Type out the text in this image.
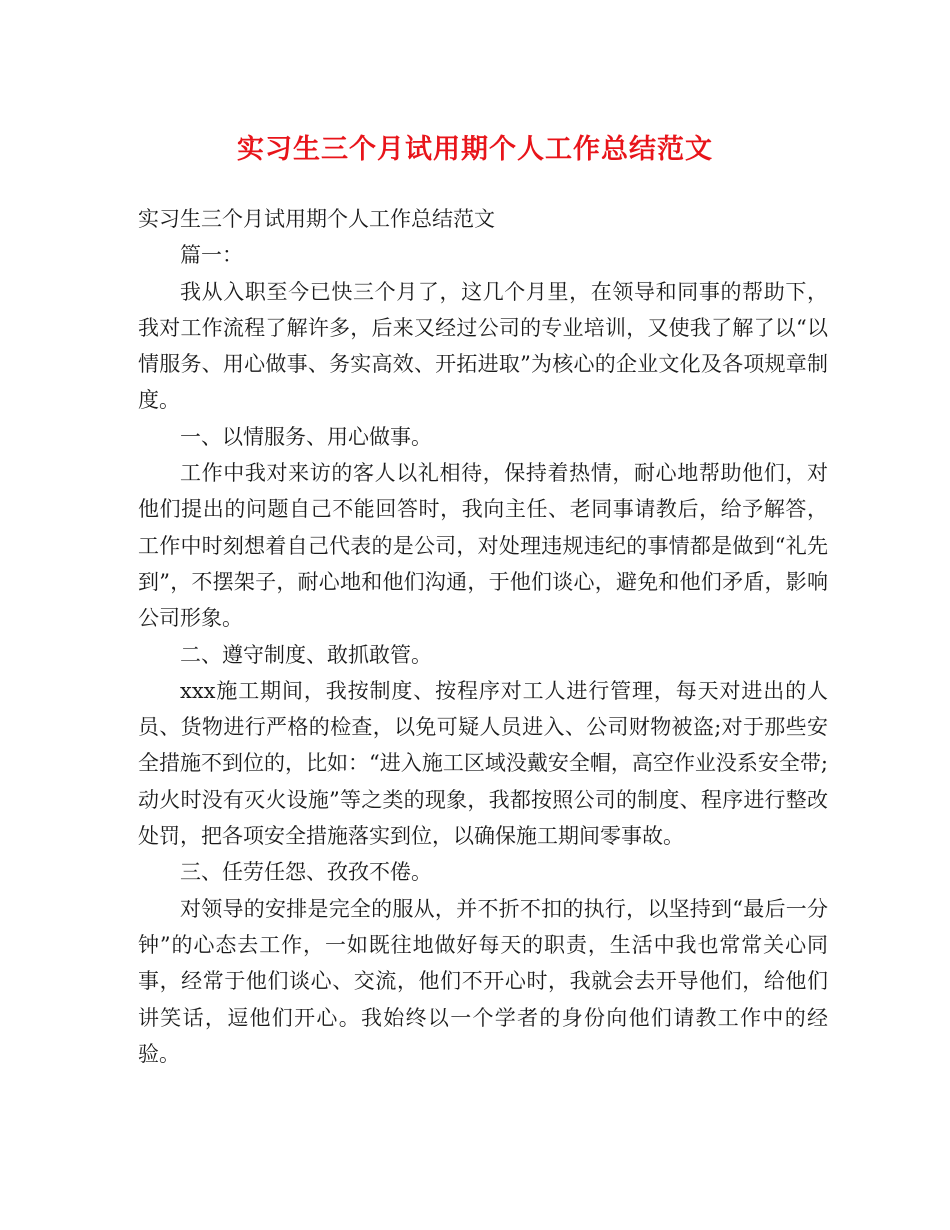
实习生三个月试用期个人工作总结范文

实习生三个月试用期个人工作总结范文

篇一：

我从入职至今已快三个月了，这几个月里，在领导和同事的帮助下，我对工作流程了解许多，后来又经过公司的专业培训，又使我了解了以“以情服务、用心做事、务实高效、开拓进取”为核心的企业文化及各项规章制度。

一、以情服务、用心做事。

工作中我对来访的客人以礼相待，保持着热情，耐心地帮助他们，对他们提出的问题自己不能回答时，我向主任、老同事请教后，给予解答，工作中时刻想着自己代表的是公司，对处理违规违纪的事情都是做到“礼先到”，不摆架子，耐心地和他们沟通，于他们谈心，避免和他们矛盾，影响公司形象。

二、遵守制度、敢抓敢管。

xxx施工期间，我按制度、按程序对工人进行管理，每天对进出的人员、货物进行严格的检查，以免可疑人员进入、公司财物被盗;对于那些安全措施不到位的，比如：“进入施工区域没戴安全帽，高空作业没系安全带;动火时没有灭火设施”等之类的现象，我都按照公司的制度、程序进行整改处罚，把各项安全措施落实到位，以确保施工期间零事故。

三、任劳任怨、孜孜不倦。

对领导的安排是完全的服从，并不折不扣的执行，以坚持到“最后一分钟”的心态去工作，一如既往地做好每天的职责，生活中我也常常关心同事，经常于他们谈心、交流，他们不开心时，我就会去开导他们，给他们讲笑话，逗他们开心。我始终以一个学者的身份向他们请教工作中的经验。
